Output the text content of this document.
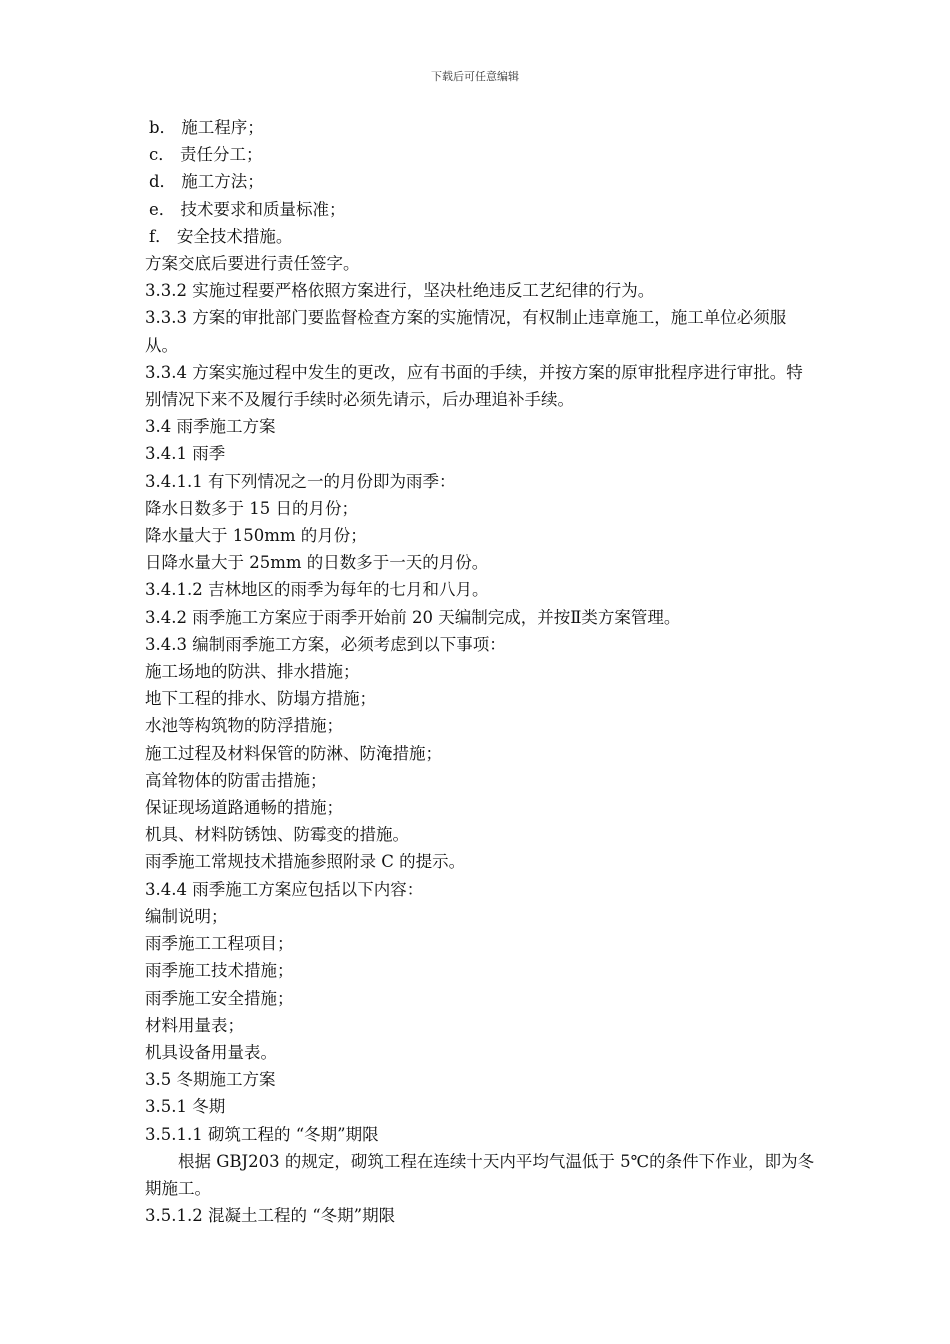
下载后可任意编辑

b． 施工程序；

c． 责任分工；

d． 施工方法；

e． 技术要求和质量标准；

f． 安全技术措施。

方案交底后要进行责任签字。

3.3.2 实施过程要严格依照方案进行，坚决杜绝违反工艺纪律的行为。

3.3.3 方案的审批部门要监督检查方案的实施情况，有权制止违章施工，施工单位必须服从。

3.3.4 方案实施过程中发生的更改，应有书面的手续，并按方案的原审批程序进行审批。特别情况下来不及履行手续时必须先请示，后办理追补手续。

3.4 雨季施工方案

3.4.1 雨季

3.4.1.1 有下列情况之一的月份即为雨季：

降水日数多于 15 日的月份；

降水量大于 150mm 的月份；

日降水量大于 25mm 的日数多于一天的月份。

3.4.1.2 吉林地区的雨季为每年的七月和八月。

3.4.2 雨季施工方案应于雨季开始前 20 天编制完成，并按Ⅱ类方案管理。

3.4.3 编制雨季施工方案，必须考虑到以下事项：

施工场地的防洪、排水措施；

地下工程的排水、防塌方措施；

水池等构筑物的防浮措施；

施工过程及材料保管的防淋、防淹措施；

高耸物体的防雷击措施；

保证现场道路通畅的措施；

机具、材料防锈蚀、防霉变的措施。

雨季施工常规技术措施参照附录 C 的提示。

3.4.4 雨季施工方案应包括以下内容：

编制说明；

雨季施工工程项目；

雨季施工技术措施；

雨季施工安全措施；

材料用量表；

机具设备用量表。

3.5 冬期施工方案

3.5.1 冬期

3.5.1.1 砌筑工程的 “冬期”期限

根据 GBJ203 的规定，砌筑工程在连续十天内平均气温低于 5℃的条件下作业，即为冬期施工。

3.5.1.2 混凝土工程的 “冬期”期限
